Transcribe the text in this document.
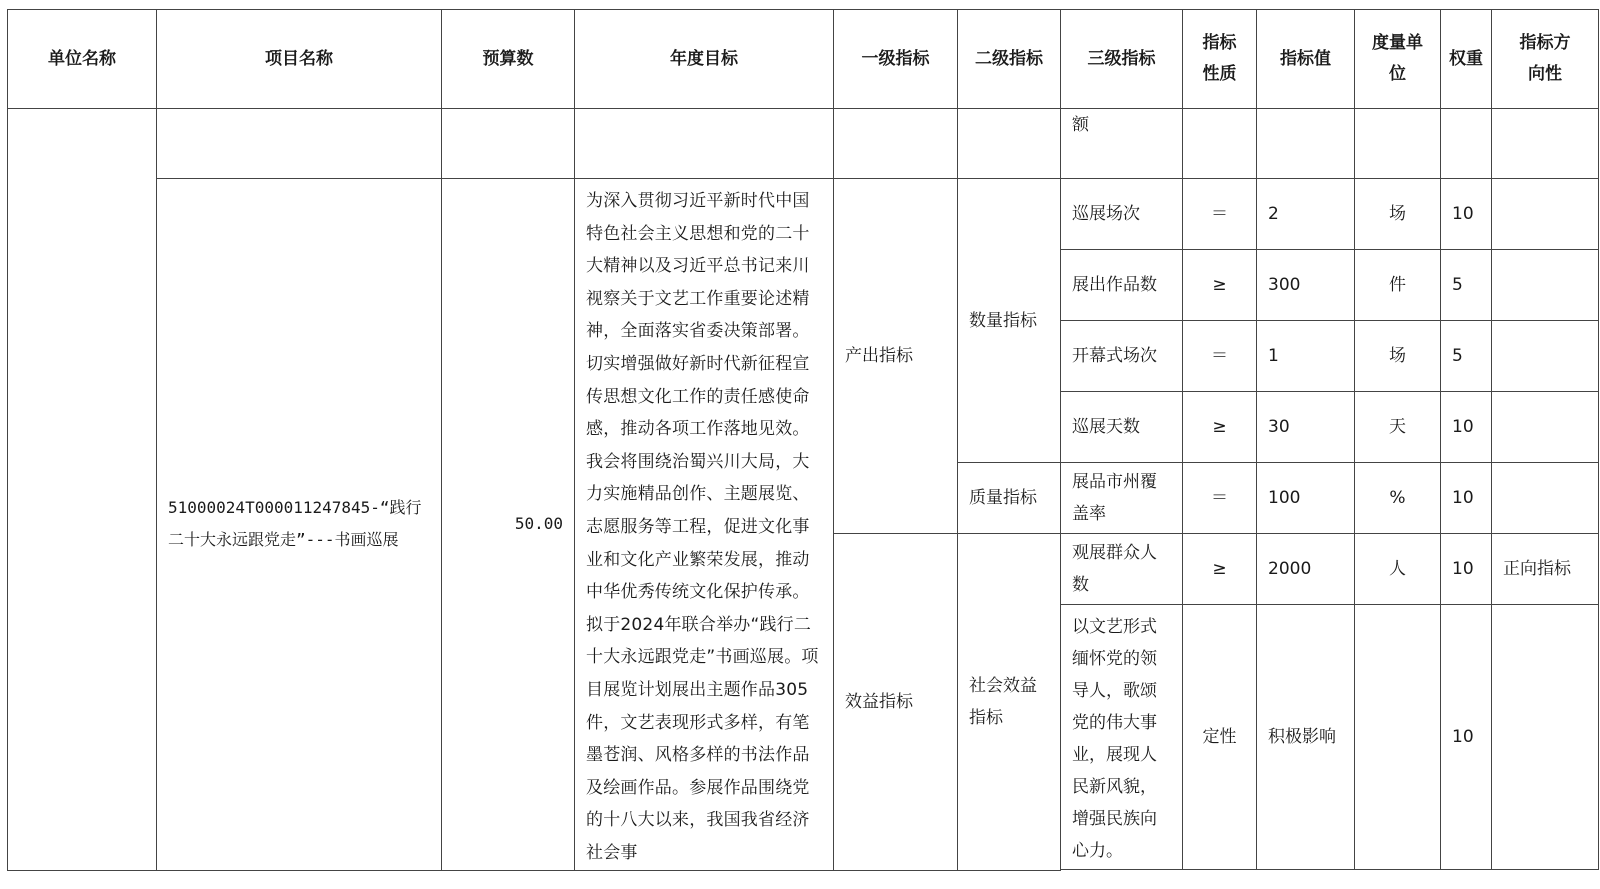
单位名称	项目名称	预算数	年度目标	一级指标	二级指标	三级指标	指标性质	指标值	度量单位	权重	指标方向性
						额					
	51000024T000011247845-“践行二十大永远跟党走”---书画巡展	50.00	为深入贯彻习近平新时代中国特色社会主义思想和党的二十大精神以及习近平总书记来川视察关于文艺工作重要论述精神，全面落实省委决策部署。切实增强做好新时代新征程宣传思想文化工作的责任感使命感，推动各项工作落地见效。我会将围绕治蜀兴川大局，大力实施精品创作、主题展览、志愿服务等工程，促进文化事业和文化产业繁荣发展，推动中华优秀传统文化保护传承。拟于2024年联合举办“践行二十大永远跟党走”书画巡展。项目展览计划展出主题作品305件，文艺表现形式多样，有笔墨苍润、风格多样的书法作品及绘画作品。参展作品围绕党的十八大以来，我国我省经济社会事	产出指标	数量指标	巡展场次	＝	2	场	10	
						展出作品数	≥	300	件	5	
						开幕式场次	＝	1	场	5	
						巡展天数	≥	30	天	10	
					质量指标	展品市州覆盖率	＝	100	%	10	
				效益指标	社会效益指标	观展群众人数	≥	2000	人	10	正向指标
						以文艺形式缅怀党的领导人，歌颂党的伟大事业，展现人民新风貌，增强民族向心力。	定性	积极影响		10	
